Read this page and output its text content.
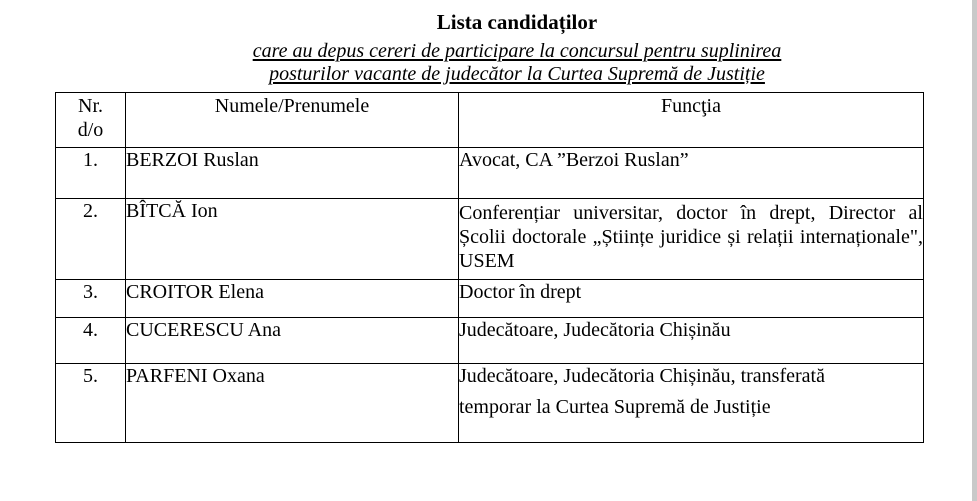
Lista candidaților
care au depus cereri de participare la concursul pentru suplinirea
posturilor vacante de judecător la Curtea Supremă de Justiție
Nr.
d/o	Numele/Prenumele	Funcţia

1.	BERZOI Ruslan	Avocat, CA ”Berzoi Ruslan”
2.	BÎTCĂ Ion	Conferențiar universitar, doctor în drept, Director al Școlii doctorale „Științe juridice și relații internaționale", USEM
3.	CROITOR Elena	Doctor în drept
4.	CUCERESCU Ana	Judecătoare, Judecătoria Chișinău
5.	PARFENI Oxana	Judecătoare, Judecătoria Chișinău, transferată
temporar la Curtea Supremă de Justiție
